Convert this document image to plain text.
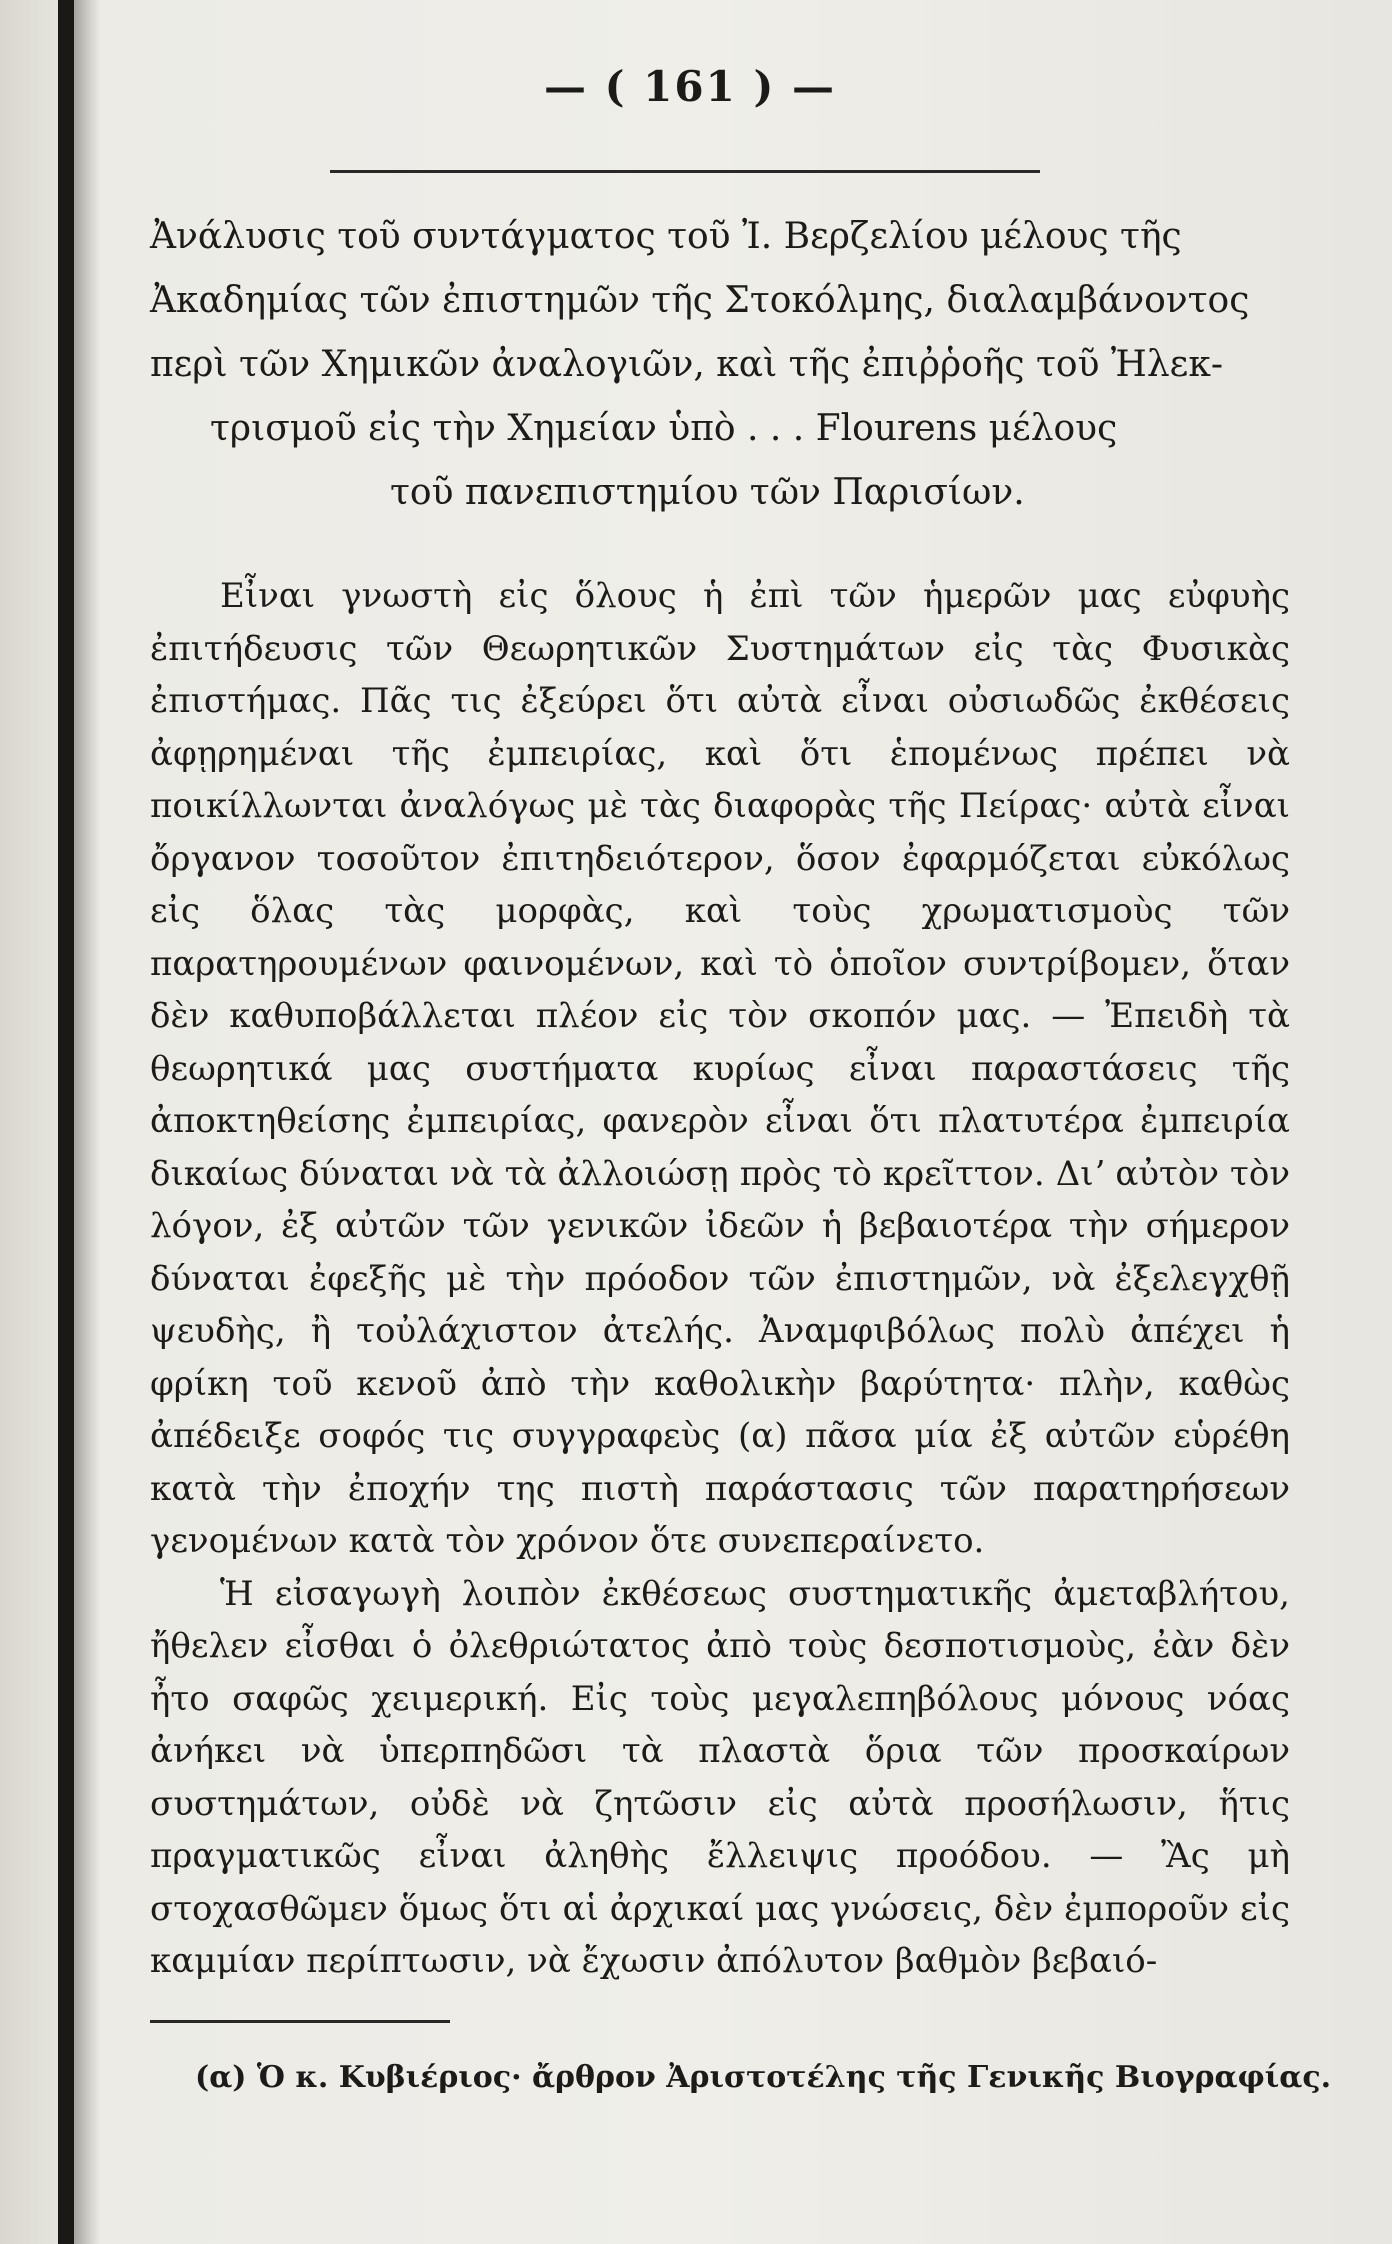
— ( 161 ) —
Ἀνάλυσις τοῦ συντάγματος τοῦ Ἰ. Βερζελίου μέλους τῆς
Ἀκαδημίας τῶν ἐπιστημῶν τῆς Στοκόλμης, διαλαμβάνοντος
περὶ τῶν Χημικῶν ἀναλογιῶν, καὶ τῆς ἐπιῤῥοῆς τοῦ Ἠλεκ-
τρισμοῦ εἰς τὴν Χημείαν ὑπὸ . . . Flourens μέλους
τοῦ πανεπιστημίου τῶν Παρισίων.

Εἶναι γνωστὴ εἰς ὅλους ἡ ἐπὶ τῶν ἡμερῶν μας εὐφυὴς ἐπιτήδευσις τῶν Θεωρητικῶν Συστημάτων εἰς τὰς Φυσικὰς ἐπιστήμας. Πᾶς τις ἐξεύρει ὅτι αὐτὰ εἶναι οὐσιωδῶς ἐκθέσεις ἀφῃρημέναι τῆς ἐμπειρίας, καὶ ὅτι ἑπομένως πρέπει νὰ ποικίλλωνται ἀναλόγως μὲ τὰς διαφορὰς τῆς Πείρας· αὐτὰ εἶναι ὄργανον τοσοῦτον ἐπιτηδειότερον, ὅσον ἐφαρμόζεται εὐκόλως εἰς ὅλας τὰς μορφὰς, καὶ τοὺς χρωματισμοὺς τῶν παρατηρουμένων φαινομένων, καὶ τὸ ὁποῖον συντρίβομεν, ὅταν δὲν καθυποβάλλεται πλέον εἰς τὸν σκοπόν μας. — Ἐπειδὴ τὰ θεωρητικά μας συστήματα κυρίως εἶναι παραστάσεις τῆς ἀποκτηθείσης ἐμπειρίας, φανερὸν εἶναι ὅτι πλατυτέρα ἐμπειρία δικαίως δύναται νὰ τὰ ἀλλοιώσῃ πρὸς τὸ κρεῖττον. Διʼ αὐτὸν τὸν λόγον, ἐξ αὐτῶν τῶν γενικῶν ἰδεῶν ἡ βεβαιοτέρα τὴν σήμερον δύναται ἐφεξῆς μὲ τὴν πρόοδον τῶν ἐπιστημῶν, νὰ ἐξελεγχθῇ ψευδὴς, ἢ τοὐλάχιστον ἀτελής. Ἀναμφιβόλως πολὺ ἀπέχει ἡ φρίκη τοῦ κενοῦ ἀπὸ τὴν καθολικὴν βαρύτητα· πλὴν, καθὼς ἀπέδειξε σοφός τις συγγραφεὺς (α) πᾶσα μία ἐξ αὐτῶν εὑρέθη κατὰ τὴν ἐποχήν της πιστὴ παράστασις τῶν παρατηρήσεων γενομένων κατὰ τὸν χρόνον ὅτε συνεπεραίνετο.

Ἡ εἰσαγωγὴ λοιπὸν ἐκθέσεως συστηματικῆς ἀμεταβλήτου, ἤθελεν εἶσθαι ὁ ὀλεθριώτατος ἀπὸ τοὺς δεσποτισμοὺς, ἐὰν δὲν ἦτο σαφῶς χειμερική. Εἰς τοὺς μεγαλεπηβόλους μόνους νόας ἀνήκει νὰ ὑπερπηδῶσι τὰ πλαστὰ ὅρια τῶν προσκαίρων συστημάτων, οὐδὲ νὰ ζητῶσιν εἰς αὐτὰ προσήλωσιν, ἥτις πραγματικῶς εἶναι ἀληθὴς ἔλλειψις προόδου. — Ἂς μὴ στοχασθῶμεν ὅμως ὅτι αἱ ἀρχικαί μας γνώσεις, δὲν ἐμποροῦν εἰς καμμίαν περίπτωσιν, νὰ ἔχωσιν ἀπόλυτον βαθμὸν βεβαιό-

(α) Ὁ κ. Κυβιέριος· ἄρθρον Ἀριστοτέλης τῆς Γενικῆς Βιογραφίας.
